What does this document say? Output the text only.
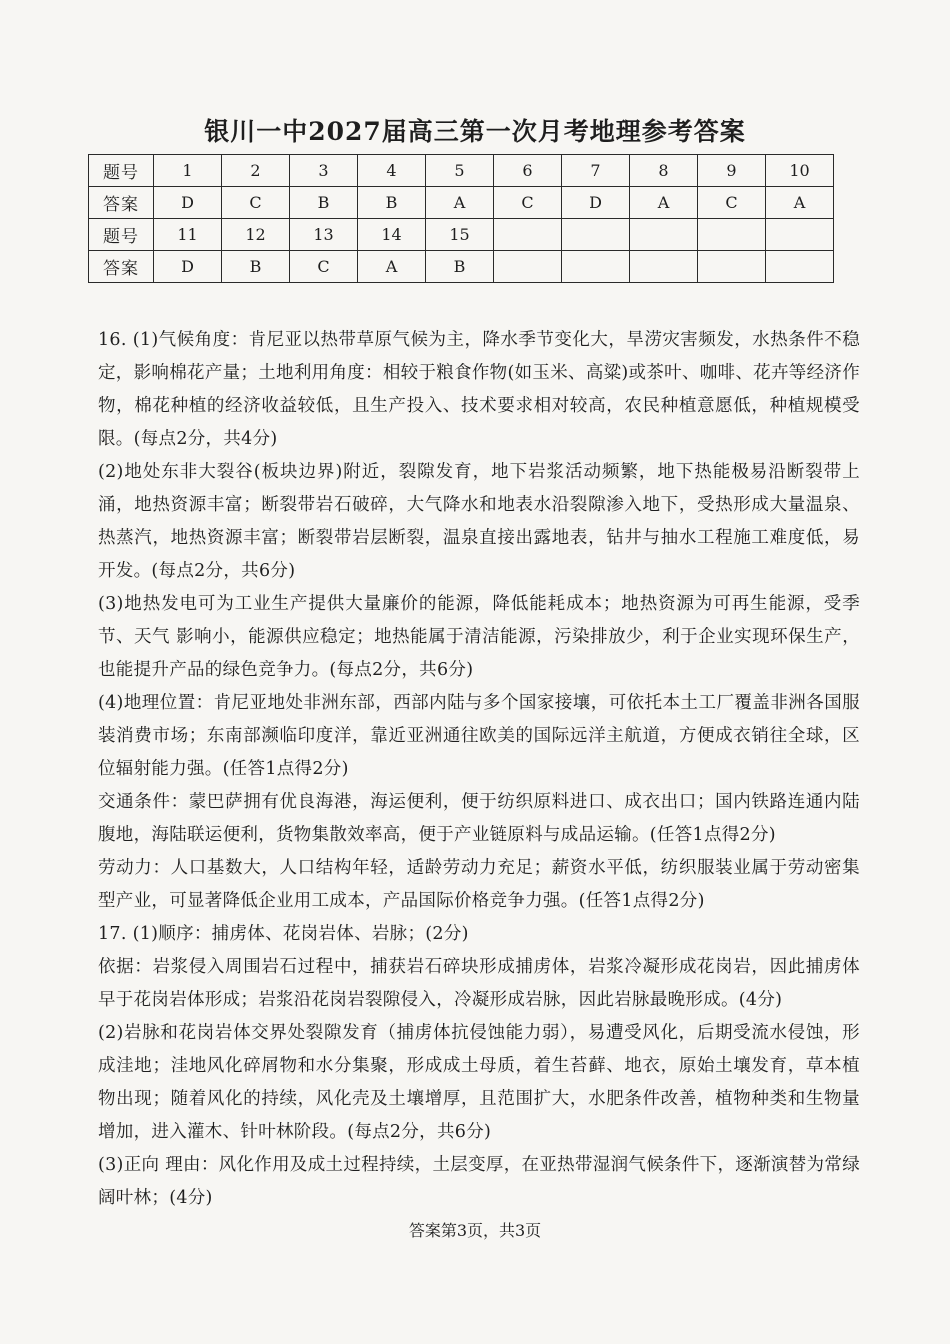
银川一中2027届高三第一次月考地理参考答案
题号	1	2	3	4	5	6	7	8	9	10
答案	D	C	B	B	A	C	D	A	C	A
题号	11	12	13	14	15					
答案	D	B	C	A	B					

16. (1)气候角度：肯尼亚以热带草原气候为主，降水季节变化大，旱涝灾害频发，水热条件不稳定，影响棉花产量；土地利用角度：相较于粮食作物(如玉米、高粱)或茶叶、咖啡、花卉等经济作物，棉花种植的经济收益较低，且生产投入、技术要求相对较高，农民种植意愿低，种植规模受限。(每点2分，共4分)

(2)地处东非大裂谷(板块边界)附近，裂隙发育，地下岩浆活动频繁，地下热能极易沿断裂带上涌，地热资源丰富；断裂带岩石破碎，大气降水和地表水沿裂隙渗入地下，受热形成大量温泉、热蒸汽，地热资源丰富；断裂带岩层断裂，温泉直接出露地表，钻井与抽水工程施工难度低，易开发。(每点2分，共6分)

(3)地热发电可为工业生产提供大量廉价的能源，降低能耗成本；地热资源为可再生能源，受季节、天气 影响小，能源供应稳定；地热能属于清洁能源，污染排放少，利于企业实现环保生产，也能提升产品的绿色竞争力。(每点2分，共6分)

(4)地理位置：肯尼亚地处非洲东部，西部内陆与多个国家接壤，可依托本土工厂覆盖非洲各国服装消费市场；东南部濒临印度洋，靠近亚洲通往欧美的国际远洋主航道，方便成衣销往全球，区位辐射能力强。(任答1点得2分)

交通条件：蒙巴萨拥有优良海港，海运便利，便于纺织原料进口、成衣出口；国内铁路连通内陆腹地，海陆联运便利，货物集散效率高，便于产业链原料与成品运输。(任答1点得2分)

劳动力：人口基数大，人口结构年轻，适龄劳动力充足；薪资水平低，纺织服装业属于劳动密集型产业，可显著降低企业用工成本，产品国际价格竞争力强。(任答1点得2分)

17. (1)顺序：捕虏体、花岗岩体、岩脉；(2分)

依据：岩浆侵入周围岩石过程中，捕获岩石碎块形成捕虏体，岩浆冷凝形成花岗岩，因此捕虏体早于花岗岩体形成；岩浆沿花岗岩裂隙侵入，冷凝形成岩脉，因此岩脉最晚形成。(4分)

(2)岩脉和花岗岩体交界处裂隙发育（捕虏体抗侵蚀能力弱），易遭受风化，后期受流水侵蚀，形成洼地；洼地风化碎屑物和水分集聚，形成成土母质，着生苔藓、地衣，原始土壤发育，草本植物出现；随着风化的持续，风化壳及土壤增厚，且范围扩大，水肥条件改善，植物种类和生物量增加，进入灌木、针叶林阶段。(每点2分，共6分)

(3)正向 理由：风化作用及成土过程持续，土层变厚，在亚热带湿润气候条件下，逐渐演替为常绿阔叶林；(4分)

答案第3页，共3页
